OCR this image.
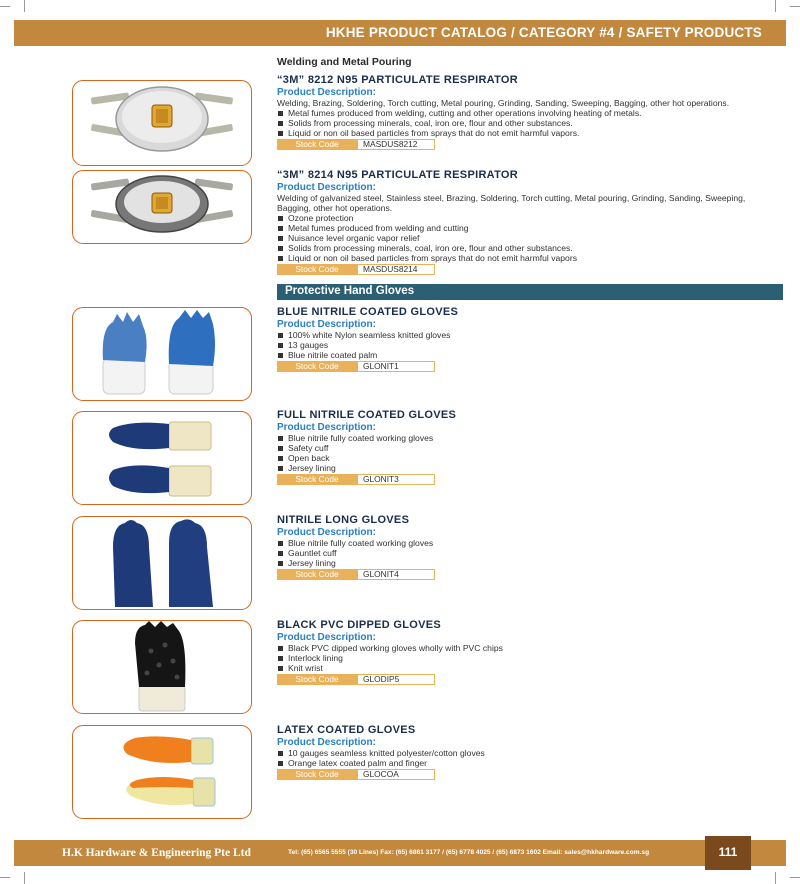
HKHE PRODUCT CATALOG / CATEGORY #4 / SAFETY PRODUCTS
Welding and Metal Pouring
“3M” 8212 N95 PARTICULATE RESPIRATOR
Product Description:
Welding, Brazing, Soldering, Torch cutting, Metal pouring, Grinding, Sanding, Sweeping, Bagging, other hot operations.
Metal fumes produced from welding, cutting and other operations involving heating of metals.
Solids from processing minerals, coal, iron ore, flour and other substances.
Liquid or non oil based particles from sprays that do not emit harmful vapors.
Stock Code	MASDUS8212
“3M” 8214 N95 PARTICULATE RESPIRATOR
Product Description:
Welding of galvanized steel, Stainless steel, Brazing, Soldering, Torch cutting, Metal pouring, Grinding, Sanding, Sweeping, Bagging, other hot operations.
Ozone protection
Metal fumes produced from welding and cutting
Nuisance level organic vapor relief
Solids from processing minerals, coal, iron ore, flour and other substances.
Liquid or non oil based particles from sprays that do not emit harmful vapors
Stock Code	MASDUS8214
Protective Hand Gloves
BLUE NITRILE COATED GLOVES
Product Description:
100% white Nylon seamless knitted gloves
13 gauges
Blue nitrile coated palm
Stock Code	GLONIT1
FULL NITRILE COATED GLOVES
Product Description:
Blue nitrile fully coated working gloves
Safety cuff
Open back
Jersey lining
Stock Code	GLONIT3
NITRILE LONG GLOVES
Product Description:
Blue nitrile fully coated working gloves
Gauntlet cuff
Jersey lining
Stock Code	GLONIT4
BLACK PVC DIPPED GLOVES
Product Description:
Black PVC dipped working gloves wholly with PVC chips
Interlock lining
Knit wrist
Stock Code	GLODIP5
LATEX COATED GLOVES
Product Description:
10 gauges seamless knitted polyester/cotton gloves
Orange latex coated palm and finger
Stock Code	GLOCOA
H.K Hardware & Engineering Pte Ltd	Tel: (65) 6565 5555 (30 Lines) Fax: (65) 6861 3177 / (65) 6778 4025 / (65) 6873 1602 Email: sales@hkhardware.com.sg	111
